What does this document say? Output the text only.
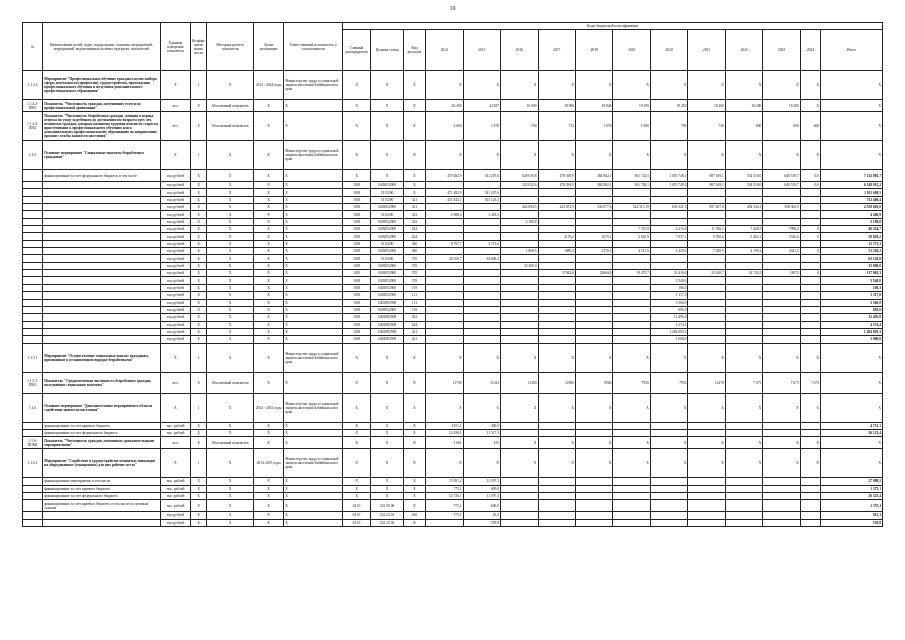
10
№	Наименование целей, задач, подпрограмм, основных мероприятий, мероприятий, ведомственных целевых программ, показателей	Единица измерения показателя	Коэффи-циент значи-мости	Методика расчета показателя	Сроки реализации	Ответственный исполнитель и соисполнители	Коды бюджетной классификации														
							Главный распорядитель	Целевая статья	Вид расходов	2014	2015	2016	2017	2018	2019	2020	2021	2022	2023	2024	Итого
1.1.4.2	Мероприятие "Профессиональное обучение граждан в целях выбора сферы деятельности (профессии), трудоустройства, прохождения профессионального обучения и получения дополнительного профессионального образования"	X	1	X	2014 - 2024 годы	Министерство труда и социальной защиты населения Забайкальского края	X	X	X	X	X	X	X	X	X	X	X	X	X	X	X
1.1.4.2-ПМ1	Показатель "Численность граждан, получивших услуги по профессиональной ориентации"	чел.	X	Абсолютный показатель	X	X	X	X	X	26 400	24 827	16 000	18 000	18 846	19 199	19 250	18 200	18 200	18 200	X	X
1.1.4.2-ПМ2	Показатель "Численность безработных граждан, женщин в период отпуска по уходу за ребенком до достижения им возраста трех лет, незанятых граждан, которым назначена трудовая пенсия по старости, приступивших к профессиональному обучению или к дополнительному профессиональному образованию по направлению органов службы занятости населения"	чел.	X	Абсолютный показатель	X	X	X	X	X	2 660	1 278	700	712	1 078	1 080	700	720	600	600	600	X
1.1.5.	Основное мероприятие "Социальные выплаты безработным гражданам"	X	1	X	X	Министерство труда и социальной защиты населения Забайкальского края	X	X	X	X	X	X	X	X	X	X	X	X	X	X	X
	финансирование за счет федерального бюджета, в том числе	тыс.рублей	X	X	X	X	X	X	X	470 482,9	541 207,6	628 010,8	478 369,9	384 802,1	561 724,5	1 055 748,1	987 169,1	534 518,0	640 519,7	0,0	7 132 085,7
		тыс.рублей	X	X	X	X	1003	0403052900	X			522 032,6	470 394,9	384 802,1	561 728,1	1 055 748,1	987 169,1	534 518,0	640 519,7	0,0	6 148 915,2
		тыс.рублей	X	X	X	X	1003	5115290	X	471 482,9	541 207,6										1 011 690,5
		тыс.рублей	X	X	X	X	1003	5115290	321	431 343,1	301 125,3										732 468,4
		тыс.рублей	X	X	X	X	1003	0403052900	321			462 084,5	424 051,9	336 077,6	542 315,19	636 321,3	857 207,0	492 344,1	508 302,9		4 558 663,0
		тыс.рублей	X	X	X	X	1003	5115290	323	2 988,4	1 418,5										4 406,9
		тыс.рублей	X	X	X	X	1003	0403052900	323			2 180,8									2 180,8
		тыс.рублей	X	X	X	X	1003	0403052900	242						7 375,8	6 215,4	11 556,1	7 428,5	7996,2	0	40 324,7
		тыс.рублей	X	X	X	X	1003	0403052900	244				2176,2	1670,1	2 610,9	7 637,2	9 550,6	5 463,1	5316,6	0	29 829,2
		тыс.рублей	X	X	X	X	1003	5115290	340	8 797,7	3 573,6										12 371,3
		тыс.рублей	X	X	X	X	1003	0403052900	360			1 869,5	1989,2	2170,3	4 511,0	4 420,6	7 020,9	4 199,2	4341,5	0	31 520,2
		тыс.рублей	X	X	X	X	1003	5115290	370	28 359,7	34 690,2										63 129,9
		тыс.рублей	X	X	X	X	1003	0403052900	370			35 380,0									35 680,0
		тыс.рублей	X	X	X	X	1001	0403052900	370				37942,6	23664,6	19 475,7	31 410,6	25 010,7	14 743,5	14972	0	137 963,3
		тыс.рублей	X	X	X	X	1003	0403052900	370							3 540,0					3 540,0
		тыс.рублей	X	X	X	X	1003	0403052900	119							106,3					106,3
		тыс.рублей	X	X	X	X	1003	0403052900	111							1 117,0					1 117,0
		тыс.рублей	X	X	X	X	1003	04030Р2900	111							3 560,0					3 560,0
		тыс.рублей	X	X	X	X	1003	0403052900	119							695,0					695,0
		тыс.рублей	X	X	X	X	1003	04030Р2900	323							12 495,0					12 495,0
		тыс.рублей	X	X	X	X	1003	04030Р2900	244							4 574,4					4 574,4
		тыс.рублей	X	X	X	X	1003	04030Р2900	321							1 284 693,3					1 284 693,3
		тыс.рублей	X	X	X	X	1003	04030Р2900	321							1 000,0					1 000,0
1.1.5.1	Мероприятие "Осуществление социальных выплат гражданам, признанным в установленном порядке безработными"	X	1	X	X	Министерство труда и социальной защиты населения Забайкальского края	X	X	X	X	X	X	X	X	X	X	X	X	X	X	X
1.1.5.1-ПМ1	Показатель "Среднемесячная численность безработных граждан, получающих социальные выплаты"	чел.	X	Абсолютный показатель	X	X	X	X	X	11756	11323	11300	12500	8566	7935	7933	12276	7 675	7 673	7 673	X
1.1.6	Основное мероприятие "Дополнительные мероприятия в области содействия занятости населения"	X	1	X	2014 - 2015 годы	Министерство труда и социальной защиты населения Забайкальского края	X	X	X	X	X	X	X	X	X	X	X	X	X	X	X
	финансирование за счет краевого бюджета	тыс. рублей	X	X	X	X	X	X	X	4151,1	400,0										4 751,1
	финансирование за счет федерального бюджета	тыс. рублей	X	X	X	X	X	X	X	12 456,1	11 317,3										26 123,4
1.1.6-ПОМ1	Показатель "Численность граждан, охваченных дополнительными мероприятиями"	чел.	X	Абсолютный показатель	X	X	X	X	X	1 661	155	X	X	X	X	X	X	X	X	X	X
1.1.6.1	Мероприятие "Содействие в трудоустройстве незанятых инвалидов на оборудованные (оснащенные) для них рабочие места"	X	1	X	2014-2015 годы	Министерство труда и социальной защиты населения Забайкальского края	X	X	X	X	X	X	X	X	X	X	X	X	X	X	X
	финансирование мероприятия, в том числе	тыс. рублей	X	X	X	X	X	X	X	15 581,2	11 597,3										27 098,5
	финансирование за счет краевого бюджета	тыс. рублей	X	X	X	X	X	X	X	775,1	600,0										1 375,1
	финансирование за счет федерального бюджета	тыс. рублей	X	X	X	X	X	X	X	14 726,1	11 597,3										26 323,4
	финансирование за счет краевого бюджета, в том числе по целевым статьям	тыс. рублей	X	X	X	X	04 01	522 09 06	X	775,1	600,0										1 375,1
		тыс.рублей	X	X	X	X	04 01	522 24 01	630	775,1	40,2										815,3
		тыс.рублей	X	X	X	X	04 01	522 24 02	X		559,8										559,8
